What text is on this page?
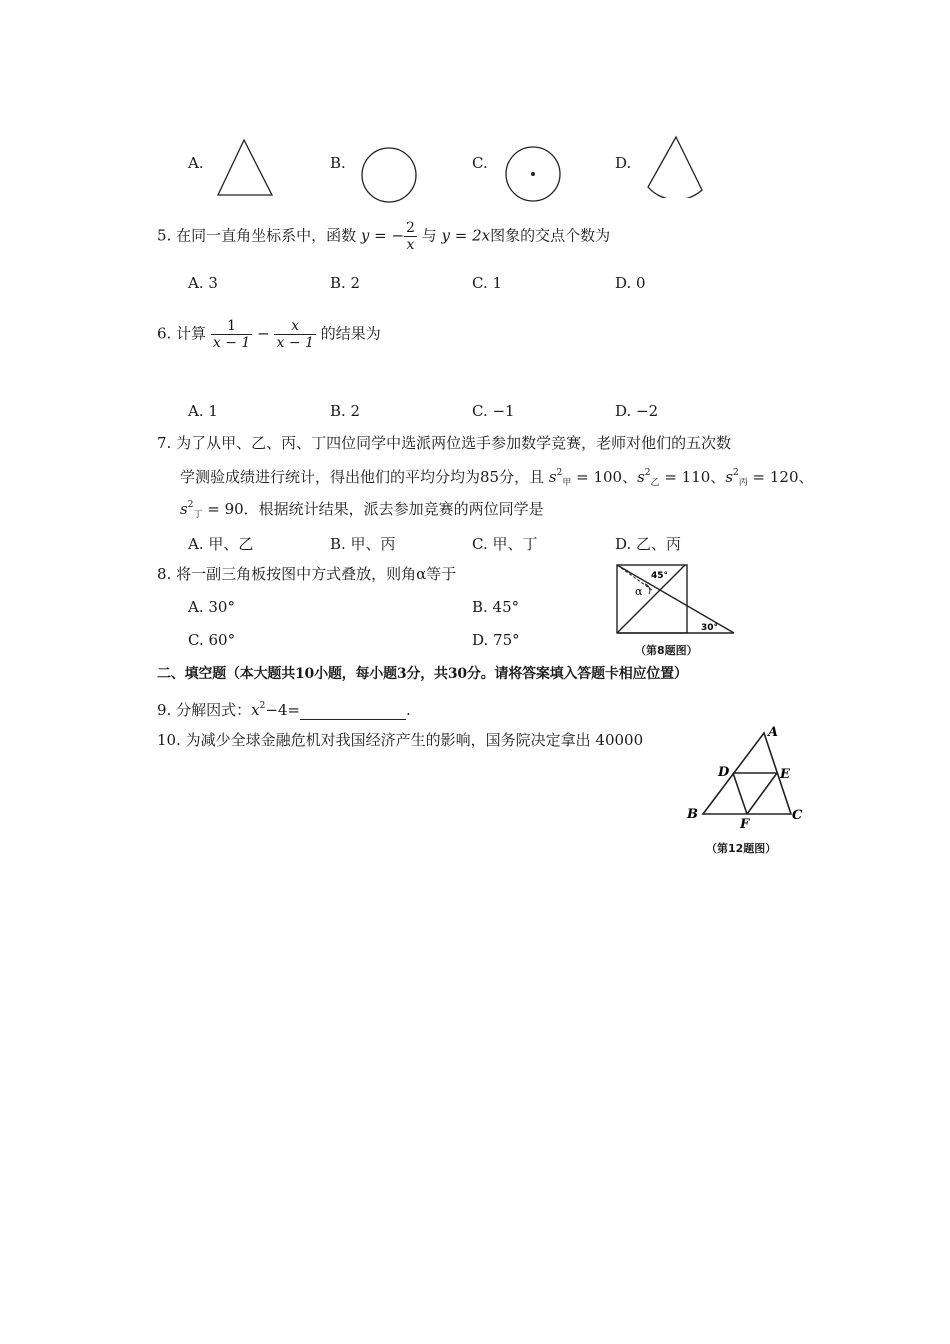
A.	B.	C.	D.
5. 在同一直角坐标系中，函数 y = − $\frac{2}{x}$ 与 y = 2x图象的交点个数为
A. 3	B. 2	C. 1	D. 0
6. 计算 $\frac{1}{x - 1} - \frac{x}{x - 1}$ 的结果为
A. 1	B. 2	C. −1	D. −2
7. 为了从甲、乙、丙、丁四位同学中选派两位选手参加数学竞赛，老师对他们的五次数
学测验成绩进行统计，得出他们的平均分均为85分，且 $s^2_甲 = 100$、$s^2_乙 = 110$、$s^2_丙 = 120$、
$s^2_丁 = 90$．根据统计结果，派去参加竞赛的两位同学是
A. 甲、乙	B. 甲、丙	C. 甲、丁	D. 乙、丙
8. 将一副三角板按图中方式叠放，则角α等于
A. 30°	B. 45°
C. 60°	D. 75°
45°
α
30°
（第8题图）
二、填空题（本大题共10小题，每小题3分，共30分。请将答案填入答题卡相应位置）
9. 分解因式：$x^2-4=$	.
10. 为减少全球金融危机对我国经济产生的影响，国务院决定拿出 40000	A
D	E
B
F
C
（第12题图）
